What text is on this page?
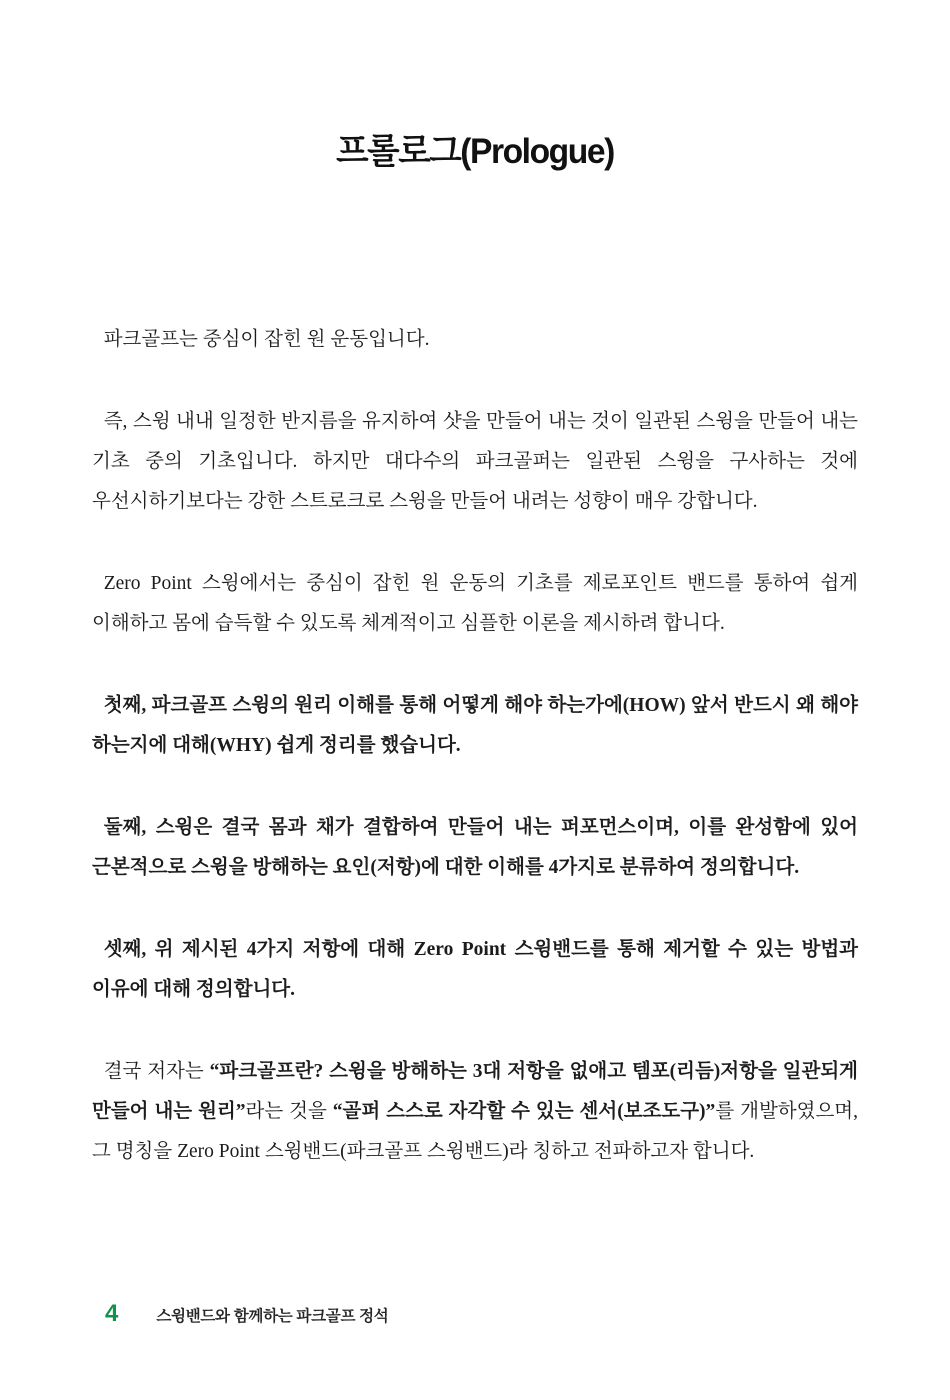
프롤로그(Prologue)

파크골프는 중심이 잡힌 원 운동입니다.

즉, 스윙 내내 일정한 반지름을 유지하여 샷을 만들어 내는 것이 일관된 스윙을 만들어 내는 기초 중의 기초입니다. 하지만 대다수의 파크골퍼는 일관된 스윙을 구사하는 것에 우선시하기보다는 강한 스트로크로 스윙을 만들어 내려는 성향이 매우 강합니다.

Zero Point 스윙에서는 중심이 잡힌 원 운동의 기초를 제로포인트 밴드를 통하여 쉽게 이해하고 몸에 습득할 수 있도록 체계적이고 심플한 이론을 제시하려 합니다.

첫째, 파크골프 스윙의 원리 이해를 통해 어떻게 해야 하는가에(HOW) 앞서 반드시 왜 해야 하는지에 대해(WHY) 쉽게 정리를 했습니다.

둘째, 스윙은 결국 몸과 채가 결합하여 만들어 내는 퍼포먼스이며, 이를 완성함에 있어 근본적으로 스윙을 방해하는 요인(저항)에 대한 이해를 4가지로 분류하여 정의합니다.

셋째, 위 제시된 4가지 저항에 대해 Zero Point 스윙밴드를 통해 제거할 수 있는 방법과 이유에 대해 정의합니다.

결국 저자는 “파크골프란? 스윙을 방해하는 3대 저항을 없애고 템포(리듬)저항을 일관되게 만들어 내는 원리”라는 것을 “골퍼 스스로 자각할 수 있는 센서(보조도구)”를 개발하였으며, 그 명칭을 Zero Point 스윙밴드(파크골프 스윙밴드)라 칭하고 전파하고자 합니다.

4 스윙밴드와 함께하는 파크골프 정석
